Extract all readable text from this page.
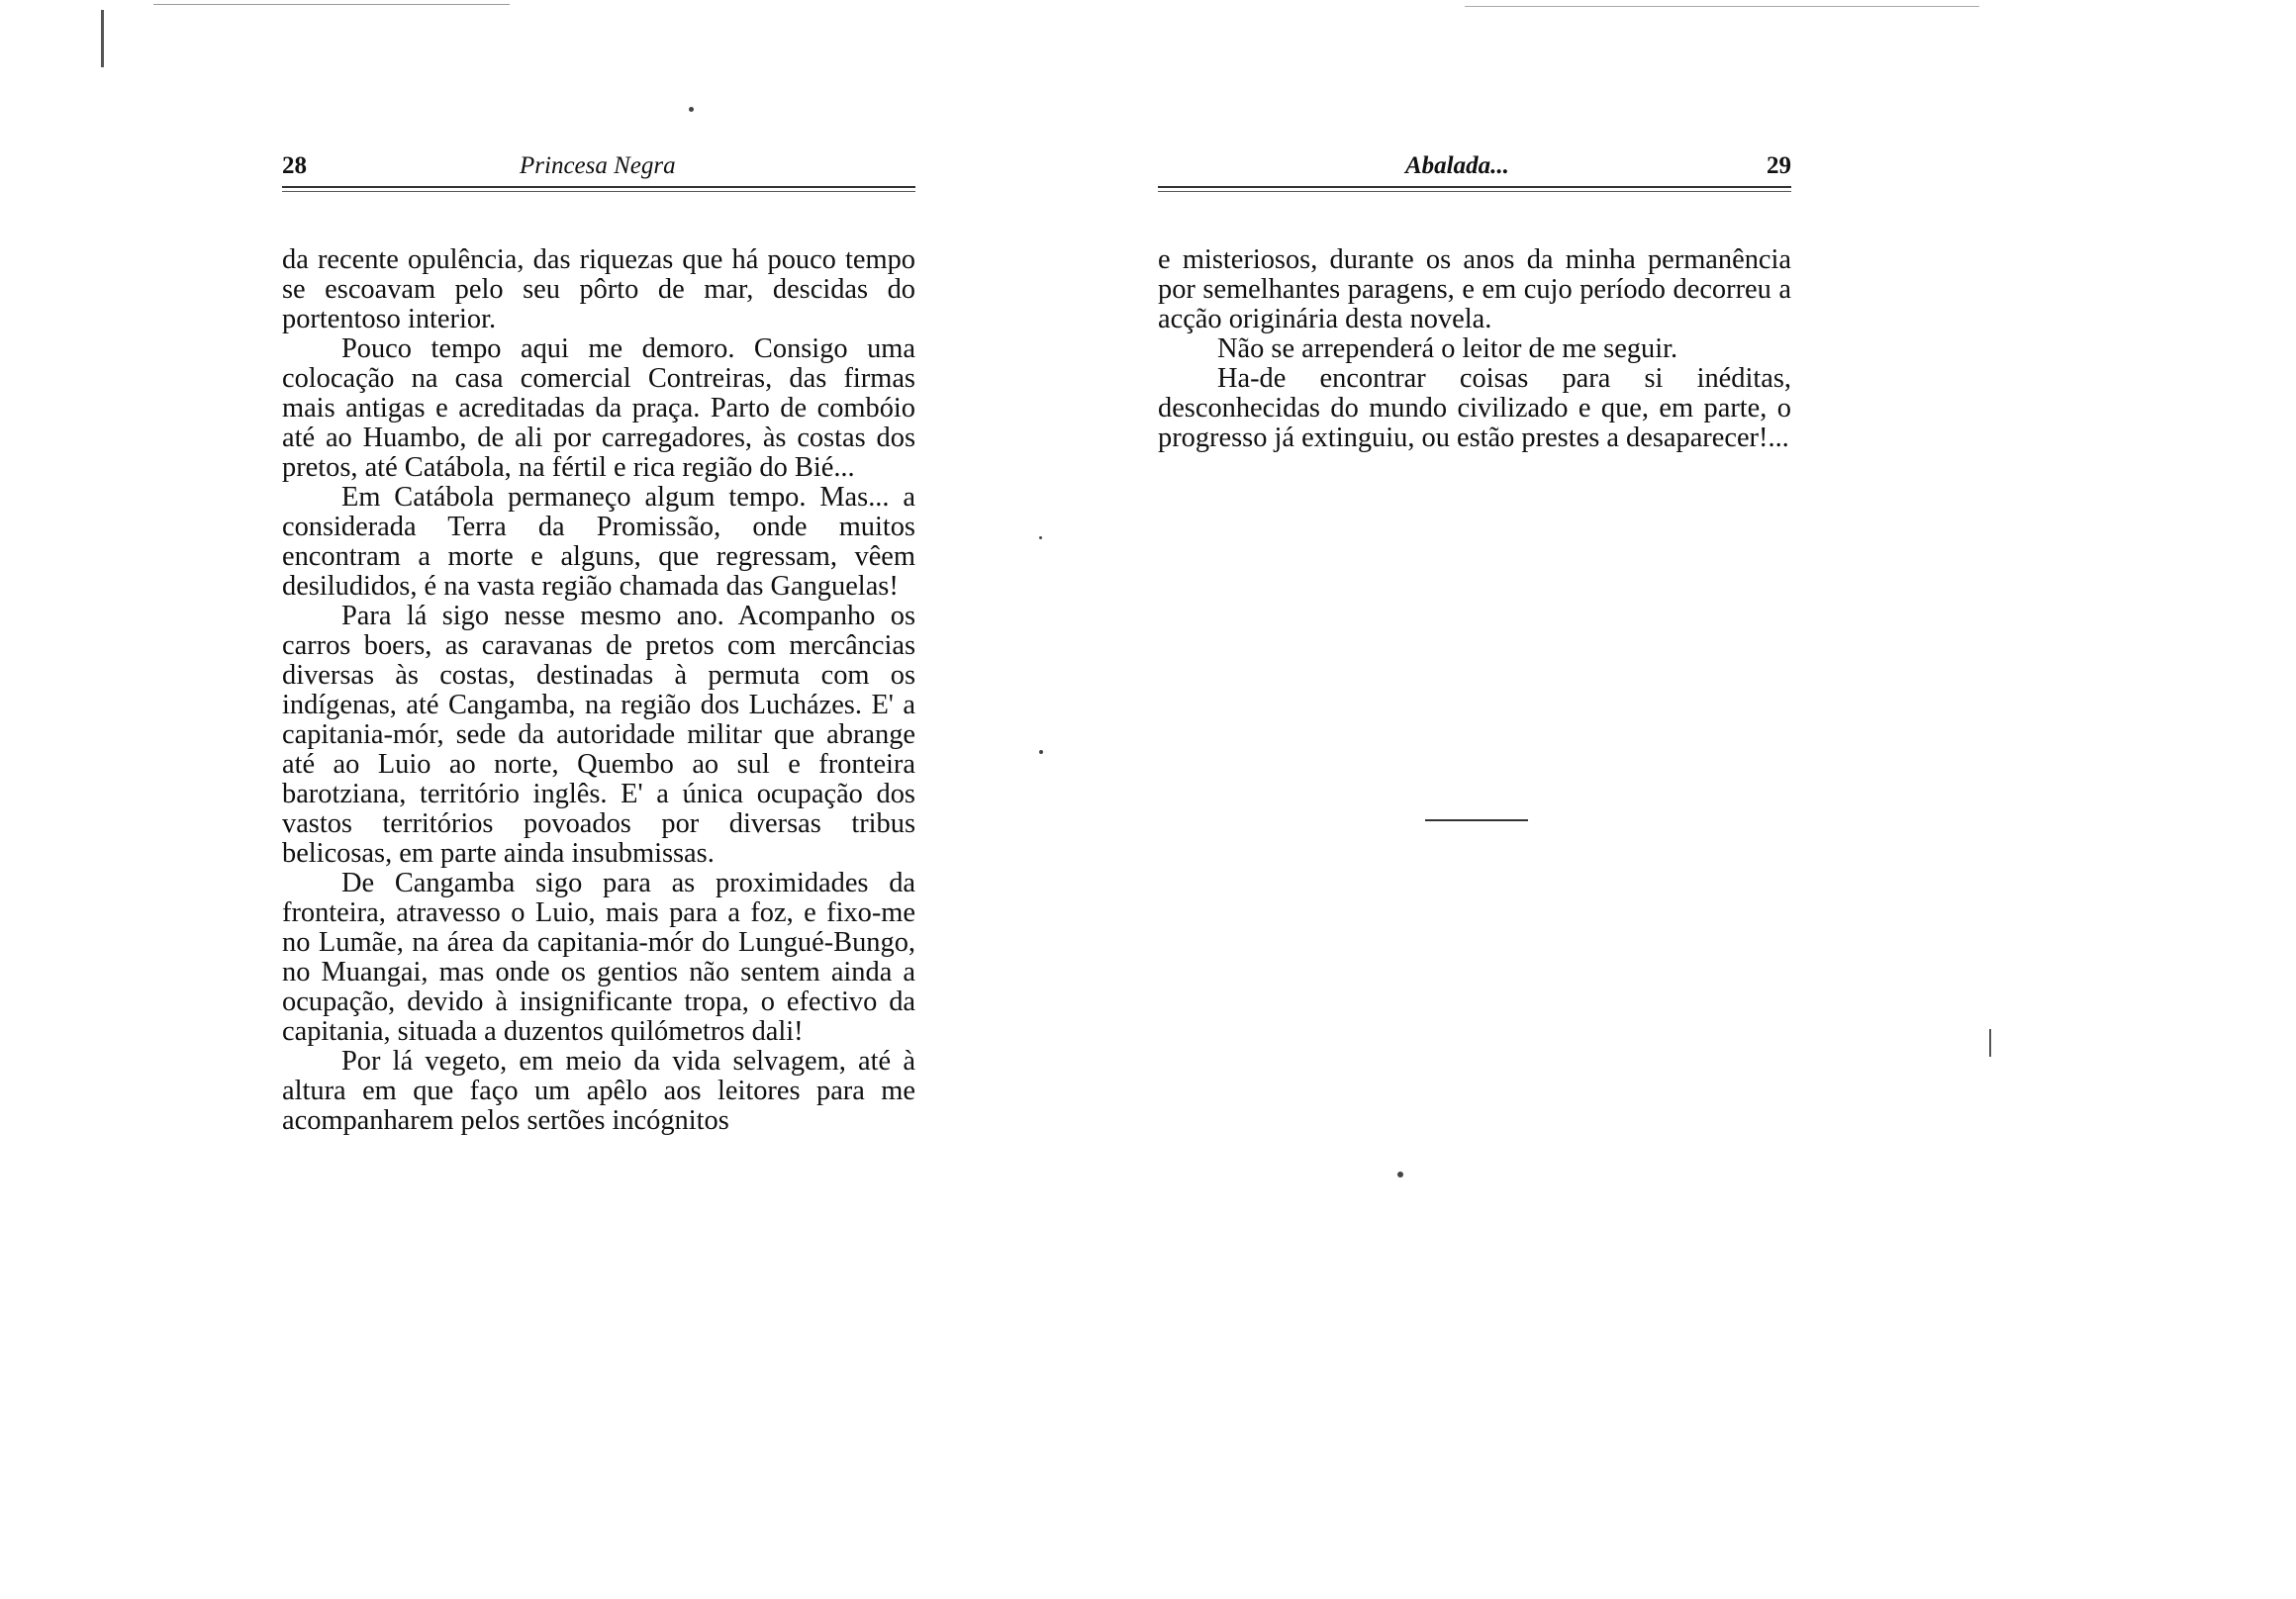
28	Princesa Negra

da recente opulência, das riquezas que há pouco tempo se escoavam pelo seu pôrto de mar, descidas do portentoso interior.

Pouco tempo aqui me demoro. Consigo uma colocação na casa comercial Contreiras, das firmas mais antigas e acreditadas da praça. Parto de combóio até ao Huambo, de ali por carregadores, às costas dos pretos, até Catábola, na fértil e rica região do Bié...

Em Catábola permaneço algum tempo. Mas... a considerada Terra da Promissão, onde muitos encontram a morte e alguns, que regressam, vêem desiludidos, é na vasta região chamada das Ganguelas!

Para lá sigo nesse mesmo ano. Acompanho os carros boers, as caravanas de pretos com mercâncias diversas às costas, destinadas à permuta com os indígenas, até Cangamba, na região dos Lucházes. E' a capitania-mór, sede da autoridade militar que abrange até ao Luio ao norte, Quembo ao sul e fronteira barotziana, território inglês. E' a única ocupação dos vastos territórios povoados por diversas tribus belicosas, em parte ainda insubmissas.

De Cangamba sigo para as proximidades da fronteira, atravesso o Luio, mais para a foz, e fixo-me no Lumãe, na área da capitania-mór do Lungué-Bungo, no Muangai, mas onde os gentios não sentem ainda a ocupação, devido à insignificante tropa, o efectivo da capitania, situada a duzentos quilómetros dali!

Por lá vegeto, em meio da vida selvagem, até à altura em que faço um apêlo aos leitores para me acompanharem pelos sertões incógnitos

Abalada...	29

e misteriosos, durante os anos da minha permanência por semelhantes paragens, e em cujo período decorreu a acção originária desta novela.

Não se arrependerá o leitor de me seguir.

Ha-de encontrar coisas para si inéditas, desconhecidas do mundo civilizado e que, em parte, o progresso já extinguiu, ou estão prestes a desaparecer!...
